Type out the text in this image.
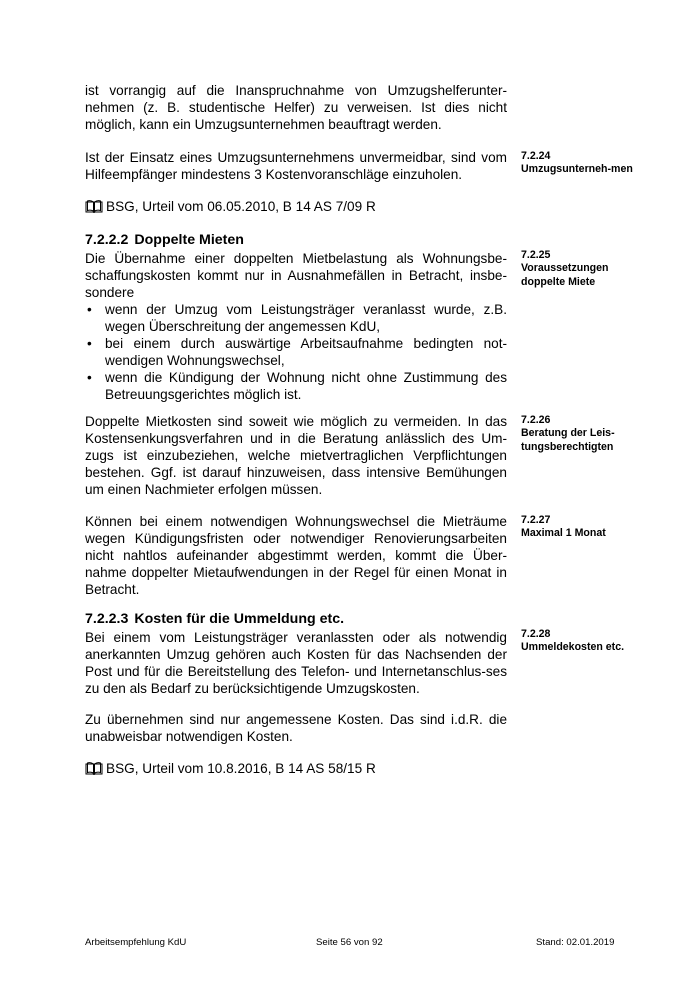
ist vorrangig auf die Inanspruchnahme von Umzugshelferunter-nehmen (z. B. studentische Helfer) zu verweisen. Ist dies nicht möglich, kann ein Umzugsunternehmen beauftragt werden.

Ist der Einsatz eines Umzugsunternehmens unvermeidbar, sind vom Hilfeempfänger mindestens 3 Kostenvoranschläge einzuholen.

7.2.24
Umzugsunterneh-men

BSG, Urteil vom 06.05.2010, B 14 AS 7/09 R

7.2.2.2 Doppelte Mieten
Die Übernahme einer doppelten Mietbelastung als Wohnungsbe-schaffungskosten kommt nur in Ausnahmefällen in Betracht, insbe-sondere
• wenn der Umzug vom Leistungsträger veranlasst wurde, z.B. wegen Überschreitung der angemessen KdU,
• bei einem durch auswärtige Arbeitsaufnahme bedingten not-wendigen Wohnungswechsel,
• wenn die Kündigung der Wohnung nicht ohne Zustimmung des Betreuungsgerichtes möglich ist.
7.2.25
Voraussetzungen doppelte Miete

Doppelte Mietkosten sind soweit wie möglich zu vermeiden. In das Kostensenkungsverfahren und in die Beratung anlässlich des Um-zugs ist einzubeziehen, welche mietvertraglichen Verpflichtungen bestehen. Ggf. ist darauf hinzuweisen, dass intensive Bemühungen um einen Nachmieter erfolgen müssen.

7.2.26
Beratung der Leis-tungsberechtigten

Können bei einem notwendigen Wohnungswechsel die Mieträume wegen Kündigungsfristen oder notwendiger Renovierungsarbeiten nicht nahtlos aufeinander abgestimmt werden, kommt die Über-nahme doppelter Mietaufwendungen in der Regel für einen Monat in Betracht.

7.2.27
Maximal 1 Monat
7.2.2.3 Kosten für die Ummeldung etc.

Bei einem vom Leistungsträger veranlassten oder als notwendig anerkannten Umzug gehören auch Kosten für das Nachsenden der Post und für die Bereitstellung des Telefon- und Internetanschlus-ses zu den als Bedarf zu berücksichtigende Umzugskosten.

7.2.28
Ummeldekosten etc.

Zu übernehmen sind nur angemessene Kosten. Das sind i.d.R. die unabweisbar notwendigen Kosten.

BSG, Urteil vom 10.8.2016, B 14 AS 58/15 R

Arbeitsempfehlung KdU	Seite 56 von 92	Stand: 02.01.2019
